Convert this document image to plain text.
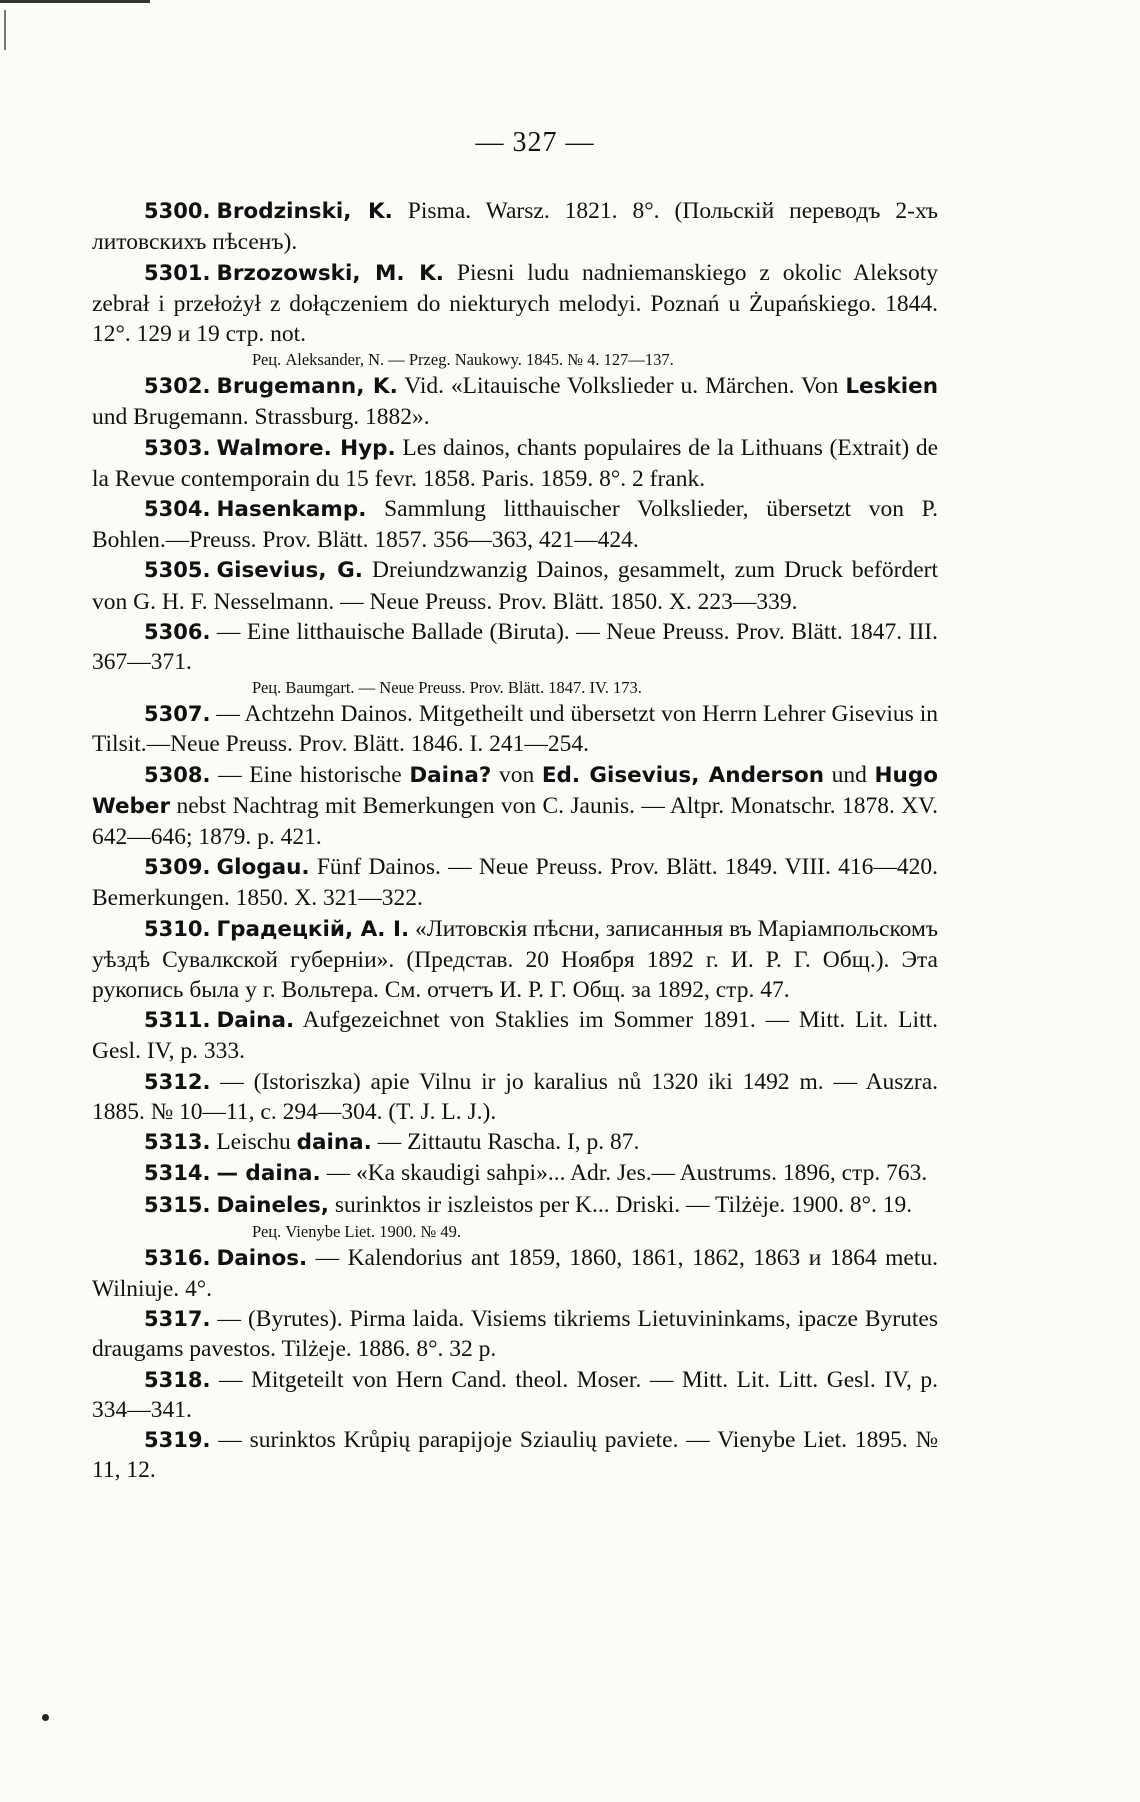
— 327 —

5300. Brodzinski, K. Pisma. Warsz. 1821. 8°. (Польскій переводъ 2-хъ литовскихъ пѣсенъ).

5301. Brzozowski, M. K. Piesni ludu nadniemanskiego z okolic Aleksoty zebrał i przełożył z dołączeniem do niekturych melodyi. Poznań u Żupańskiego. 1844. 12°. 129 и 19 стр. not.

Рец. Aleksander, N. — Przeg. Naukowy. 1845. № 4. 127—137.

5302. Brugemann, K. Vid. «Litauische Volkslieder u. Märchen. Von Leskien und Brugemann. Strassburg. 1882».

5303. Walmore. Hyp. Les dainos, chants populaires de la Lithuans (Extrait) de la Revue contemporain du 15 fevr. 1858. Paris. 1859. 8°. 2 frank.

5304. Hasenkamp. Sammlung litthauischer Volkslieder, übersetzt von P. Bohlen.—Preuss. Prov. Blätt. 1857. 356—363, 421—424.

5305. Gisevius, G. Dreiundzwanzig Dainos, gesammelt, zum Druck befördert von G. H. F. Nesselmann. — Neue Preuss. Prov. Blätt. 1850. X. 223—339.

5306. — Eine litthauische Ballade (Biruta). — Neue Preuss. Prov. Blätt. 1847. III. 367—371.

Рец. Baumgart. — Neue Preuss. Prov. Blätt. 1847. IV. 173.

5307. — Achtzehn Dainos. Mitgetheilt und übersetzt von Herrn Lehrer Gisevius in Tilsit.—Neue Preuss. Prov. Blätt. 1846. I. 241—254.

5308. — Eine historische Daina? von Ed. Gisevius, Anderson und Hugo Weber nebst Nachtrag mit Bemerkungen von C. Jaunis. — Altpr. Monatschr. 1878. XV. 642—646; 1879. p. 421.

5309. Glogau. Fünf Dainos. — Neue Preuss. Prov. Blätt. 1849. VIII. 416—420. Bemerkungen. 1850. X. 321—322.

5310. Градецкій, А. І. «Литовскія пѣсни, записанныя въ Маріампольскомъ уѣздѣ Сувалкской губерніи». (Представ. 20 Ноября 1892 г. И. Р. Г. Общ.). Эта рукопись была у г. Вольтера. См. отчетъ И. Р. Г. Общ. за 1892, стр. 47.

5311. Daina. Aufgezeichnet von Staklies im Sommer 1891. — Mitt. Lit. Litt. Gesl. IV, p. 333.

5312. — (Istoriszka) apie Vilnu ir jo karalius nů 1320 iki 1492 m. — Auszra. 1885. № 10—11, c. 294—304. (T. J. L. J.).

5313. Leischu daina. — Zittautu Rascha. I, p. 87.

5314. — daina. — «Ka skaudigi sahpi»... Adr. Jes.— Austrums. 1896, стр. 763.

5315. Daineles, surinktos ir iszleistos per K... Driski. — Tilżėje. 1900. 8°. 19.

Рец. Vienybe Liet. 1900. № 49.

5316. Dainos. — Kalendorius ant 1859, 1860, 1861, 1862, 1863 и 1864 metu. Wilniuje. 4°.

5317. — (Byrutes). Pirma laida. Visiems tikriems Lietuvininkams, ipacze Byrutes draugams pavestos. Tilżeje. 1886. 8°. 32 p.

5318. — Mitgeteilt von Hern Cand. theol. Moser. — Mitt. Lit. Litt. Gesl. IV, p. 334—341.

5319. — surinktos Krůpių parapijoje Sziaulių paviete. — Vienybe Liet. 1895. № 11, 12.
